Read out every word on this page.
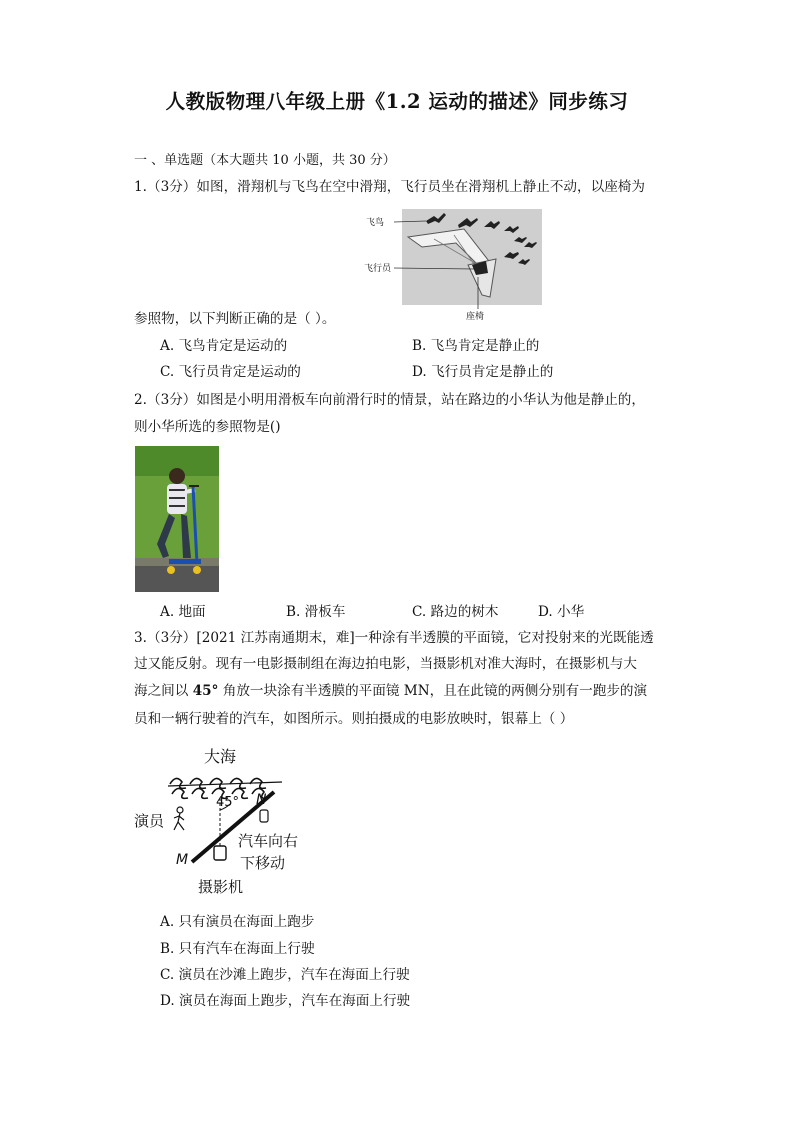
人教版物理八年级上册《1.2 运动的描述》同步练习
一 、单选题（本大题共 10 小题，共 30 分）
1.（3分）如图，滑翔机与飞鸟在空中滑翔，飞行员坐在滑翔机上静止不动，以座椅为
飞鸟
飞行员
座椅
参照物，以下判断正确的是（ ）。
A. 飞鸟肯定是运动的	B. 飞鸟肯定是静止的
C. 飞行员肯定是运动的	D. 飞行员肯定是静止的
2.（3分）如图是小明用滑板车向前滑行时的情景，站在路边的小华认为他是静止的，
则小华所选的参照物是()
A. 地面	B. 滑板车	C. 路边的树木	D. 小华
3.（3分）[2021 江苏南通期末，难]一种涂有半透膜的平面镜，它对投射来的光既能透
过又能反射。现有一电影摄制组在海边拍电影，当摄影机对准大海时，在摄影机与大
海之间以 45° 角放一块涂有半透膜的平面镜 MN，且在此镜的两侧分别有一跑步的演
员和一辆行驶着的汽车，如图所示。则拍摄成的电影放映时，银幕上（ ）
大海
M
N
45°
摄影机
演员
汽车向右
下移动
A. 只有演员在海面上跑步
B. 只有汽车在海面上行驶
C. 演员在沙滩上跑步，汽车在海面上行驶
D. 演员在海面上跑步，汽车在海面上行驶
